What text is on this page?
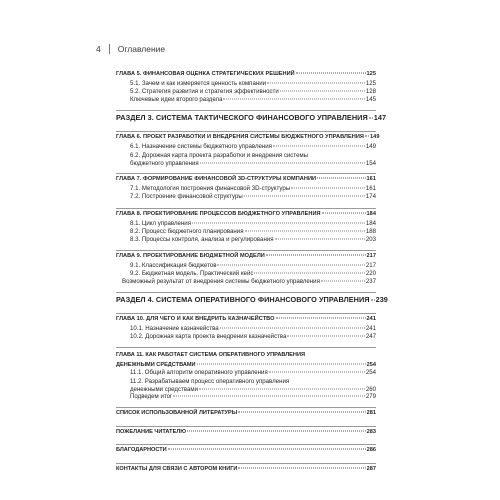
4 Оглавление
ГЛАВА 5. ФИНАНСОВАЯ ОЦЕНКА СТРАТЕГИЧЕСКИХ РЕШЕНИЙ	125
5.1. Зачем и как измеряется ценность компании	125
5.2. Стратегия развития и стратегия эффективности	128
Ключевые идеи второго раздела	145
РАЗДЕЛ 3. СИСТЕМА ТАКТИЧЕСКОГО ФИНАНСОВОГО УПРАВЛЕНИЯ 147
ГЛАВА 6. ПРОЕКТ РАЗРАБОТКИ И ВНЕДРЕНИЯ СИСТЕМЫ БЮДЖЕТНОГО УПРАВЛЕНИЯ 149
6.1. Назначение системы бюджетного управления	149
6.2. Дорожная карта проекта разработки и внедрения системы
бюджетного управления	154
ГЛАВА 7. ФОРМИРОВАНИЕ ФИНАНСОВОЙ 3D-СТРУКТУРЫ КОМПАНИИ	161
7.1. Методология построения финансовой 3D-структуры	161
7.2. Построение финансовой структуры	174
ГЛАВА 8. ПРОЕКТИРОВАНИЕ ПРОЦЕССОВ БЮДЖЕТНОГО УПРАВЛЕНИЯ	184
8.1. Цикл управления	184
8.2. Процесс бюджетного планирования	188
8.3. Процессы контроля, анализа и регулирования	203
ГЛАВА 9. ПРОЕКТИРОВАНИЕ БЮДЖЕТНОЙ МОДЕЛИ	217
9.1. Классификация бюджетов	217
9.2. Бюджетная модель. Практический кейс	220
Возможный результат от внедрения системы бюджетного управления	237
РАЗДЕЛ 4. СИСТЕМА ОПЕРАТИВНОГО ФИНАНСОВОГО УПРАВЛЕНИЯ 239
ГЛАВА 10. ДЛЯ ЧЕГО И КАК ВНЕДРИТЬ КАЗНАЧЕЙСТВО	241
10.1. Назначение казначейства	241
10.2. Дорожная карта проекта внедрения казначейства	247
ГЛАВА 11. КАК РАБОТАЕТ СИСТЕМА ОПЕРАТИВНОГО УПРАВЛЕНИЯ
ДЕНЕЖНЫМИ СРЕДСТВАМИ	254
11.1. Общий алгоритм оперативного управления	254
11.2. Разрабатываем процесс оперативного управления
денежными средствами	260
Подведем итог	279
СПИСОК ИСПОЛЬЗОВАННОЙ ЛИТЕРАТУРЫ	281
ПОЖЕЛАНИЕ ЧИТАТЕЛЮ	283
БЛАГОДАРНОСТИ	286
КОНТАКТЫ ДЛЯ СВЯЗИ С АВТОРОМ КНИГИ	287
